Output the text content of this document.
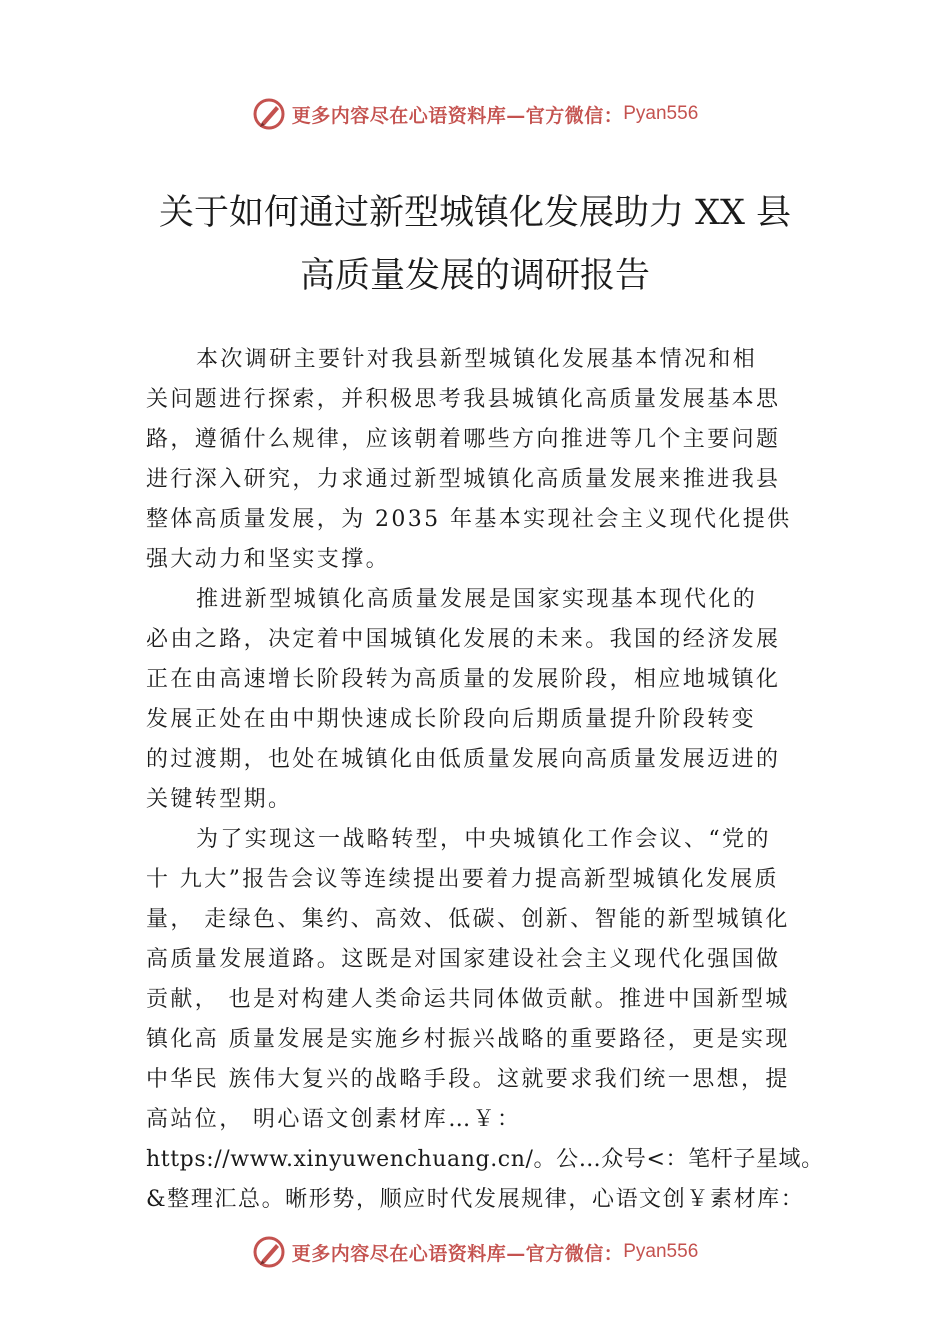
更多内容尽在心语资料库—官方微信： Pyan556
关于如何通过新型城镇化发展助力 XX 县
高质量发展的调研报告
本次调研主要针对我县新型城镇化发展基本情况和相
关问题进行探索，并积极思考我县城镇化高质量发展基本思
路，遵循什么规律，应该朝着哪些方向推进等几个主要问题
进行深入研究，力求通过新型城镇化高质量发展来推进我县
整体高质量发展，为 2035 年基本实现社会主义现代化提供
强大动力和坚实支撑。
推进新型城镇化高质量发展是国家实现基本现代化的
必由之路，决定着中国城镇化发展的未来。我国的经济发展
正在由高速增长阶段转为高质量的发展阶段，相应地城镇化
发展正处在由中期快速成长阶段向后期质量提升阶段转变
的过渡期，也处在城镇化由低质量发展向高质量发展迈进的
关键转型期。
为了实现这一战略转型，中央城镇化工作会议、“党的
十 九大”报告会议等连续提出要着力提高新型城镇化发展质
量， 走绿色、集约、高效、低碳、创新、智能的新型城镇化
高质量发展道路。这既是对国家建设社会主义现代化强国做
贡献， 也是对构建人类命运共同体做贡献。推进中国新型城
镇化高 质量发展是实施乡村振兴战略的重要路径，更是实现
中华民 族伟大复兴的战略手段。这就要求我们统一思想，提
高站位， 明心语文创素材库…￥：
https://www.xinyuwenchuang.cn/。公…众号<：笔杆子星域。
&整理汇总。晰形势，顺应时代发展规律，心语文创￥素材库：
更多内容尽在心语资料库—官方微信： Pyan556
